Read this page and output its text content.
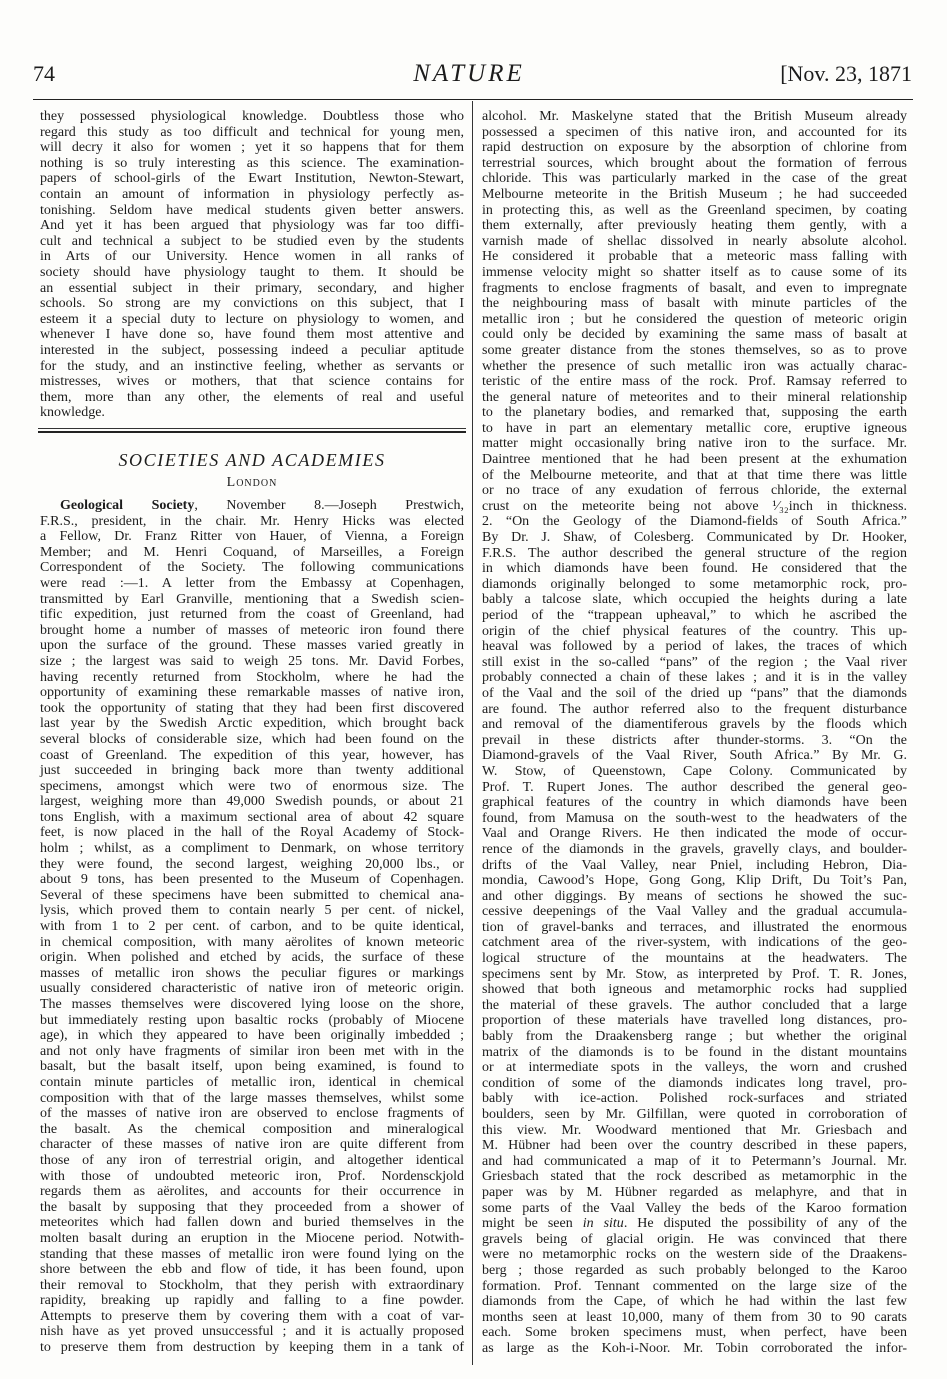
74	NATURE	[Nov. 23, 1871
they possessed physiological knowledge. Doubtless those who
regard this study as too difficult and technical for young men,
will decry it also for women ; yet it so happens that for them
nothing is so truly interesting as this science. The examination-
papers of school-girls of the Ewart Institution, Newton-Stewart,
contain an amount of information in physiology perfectly as-
tonishing. Seldom have medical students given better answers.
And yet it has been argued that physiology was far too diffi-
cult and technical a subject to be studied even by the students
in Arts of our University. Hence women in all ranks of
society should have physiology taught to them. It should be
an essential subject in their primary, secondary, and higher
schools. So strong are my convictions on this subject, that I
esteem it a special duty to lecture on physiology to women, and
whenever I have done so, have found them most attentive and
interested in the subject, possessing indeed a peculiar aptitude
for the study, and an instinctive feeling, whether as servants or
mistresses, wives or mothers, that that science contains for
them, more than any other, the elements of real and useful
knowledge.
SOCIETIES AND ACADEMIES
London
Geological Society, November 8.—Joseph Prestwich,
F.R.S., president, in the chair. Mr. Henry Hicks was elected
a Fellow, Dr. Franz Ritter von Hauer, of Vienna, a Foreign
Member; and M. Henri Coquand, of Marseilles, a Foreign
Correspondent of the Society. The following communications
were read :—1. A letter from the Embassy at Copenhagen,
transmitted by Earl Granville, mentioning that a Swedish scien-
tific expedition, just returned from the coast of Greenland, had
brought home a number of masses of meteoric iron found there
upon the surface of the ground. These masses varied greatly in
size ; the largest was said to weigh 25 tons. Mr. David Forbes,
having recently returned from Stockholm, where he had the
opportunity of examining these remarkable masses of native iron,
took the opportunity of stating that they had been first discovered
last year by the Swedish Arctic expedition, which brought back
several blocks of considerable size, which had been found on the
coast of Greenland. The expedition of this year, however, has
just succeeded in bringing back more than twenty additional
specimens, amongst which were two of enormous size. The
largest, weighing more than 49,000 Swedish pounds, or about 21
tons English, with a maximum sectional area of about 42 square
feet, is now placed in the hall of the Royal Academy of Stock-
holm ; whilst, as a compliment to Denmark, on whose territory
they were found, the second largest, weighing 20,000 lbs., or
about 9 tons, has been presented to the Museum of Copenhagen.
Several of these specimens have been submitted to chemical ana-
lysis, which proved them to contain nearly 5 per cent. of nickel,
with from 1 to 2 per cent. of carbon, and to be quite identical,
in chemical composition, with many aërolites of known meteoric
origin. When polished and etched by acids, the surface of these
masses of metallic iron shows the peculiar figures or markings
usually considered characteristic of native iron of meteoric origin.
The masses themselves were discovered lying loose on the shore,
but immediately resting upon basaltic rocks (probably of Miocene
age), in which they appeared to have been originally imbedded ;
and not only have fragments of similar iron been met with in the
basalt, but the basalt itself, upon being examined, is found to
contain minute particles of metallic iron, identical in chemical
composition with that of the large masses themselves, whilst some
of the masses of native iron are observed to enclose fragments of
the basalt. As the chemical composition and mineralogical
character of these masses of native iron are quite different from
those of any iron of terrestrial origin, and altogether identical
with those of undoubted meteoric iron, Prof. Nordensckjold
regards them as aërolites, and accounts for their occurrence in
the basalt by supposing that they proceeded from a shower of
meteorites which had fallen down and buried themselves in the
molten basalt during an eruption in the Miocene period. Notwith-
standing that these masses of metallic iron were found lying on the
shore between the ebb and flow of tide, it has been found, upon
their removal to Stockholm, that they perish with extraordinary
rapidity, breaking up rapidly and falling to a fine powder.
Attempts to preserve them by covering them with a coat of var-
nish have as yet proved unsuccessful ; and it is actually proposed
to preserve them from destruction by keeping them in a tank of
alcohol. Mr. Maskelyne stated that the British Museum already
possessed a specimen of this native iron, and accounted for its
rapid destruction on exposure by the absorption of chlorine from
terrestrial sources, which brought about the formation of ferrous
chloride. This was particularly marked in the case of the great
Melbourne meteorite in the British Museum ; he had succeeded
in protecting this, as well as the Greenland specimen, by coating
them externally, after previously heating them gently, with a
varnish made of shellac dissolved in nearly absolute alcohol.
He considered it probable that a meteoric mass falling with
immense velocity might so shatter itself as to cause some of its
fragments to enclose fragments of basalt, and even to impregnate
the neighbouring mass of basalt with minute particles of the
metallic iron ; but he considered the question of meteoric origin
could only be decided by examining the same mass of basalt at
some greater distance from the stones themselves, so as to prove
whether the presence of such metallic iron was actually charac-
teristic of the entire mass of the rock. Prof. Ramsay referred to
the general nature of meteorites and to their mineral relationship
to the planetary bodies, and remarked that, supposing the earth
to have in part an elementary metallic core, eruptive igneous
matter might occasionally bring native iron to the surface. Mr.
Daintree mentioned that he had been present at the exhumation
of the Melbourne meteorite, and that at that time there was little
or no trace of any exudation of ferrous chloride, the external
crust on the meteorite being not above ¹⁄₃₂inch in thickness.
2. “On the Geology of the Diamond-fields of South Africa.”
By Dr. J. Shaw, of Colesberg. Communicated by Dr. Hooker,
F.R.S. The author described the general structure of the region
in which diamonds have been found. He considered that the
diamonds originally belonged to some metamorphic rock, pro-
bably a talcose slate, which occupied the heights during a late
period of the “trappean upheaval,” to which he ascribed the
origin of the chief physical features of the country. This up-
heaval was followed by a period of lakes, the traces of which
still exist in the so-called “pans” of the region ; the Vaal river
probably connected a chain of these lakes ; and it is in the valley
of the Vaal and the soil of the dried up “pans” that the diamonds
are found. The author referred also to the frequent disturbance
and removal of the diamentiferous gravels by the floods which
prevail in these districts after thunder-storms. 3. “On the
Diamond-gravels of the Vaal River, South Africa.” By Mr. G.
W. Stow, of Queenstown, Cape Colony. Communicated by
Prof. T. Rupert Jones. The author described the general geo-
graphical features of the country in which diamonds have been
found, from Mamusa on the south-west to the headwaters of the
Vaal and Orange Rivers. He then indicated the mode of occur-
rence of the diamonds in the gravels, gravelly clays, and boulder-
drifts of the Vaal Valley, near Pniel, including Hebron, Dia-
mondia, Cawood’s Hope, Gong Gong, Klip Drift, Du Toit’s Pan,
and other diggings. By means of sections he showed the suc-
cessive deepenings of the Vaal Valley and the gradual accumula-
tion of gravel-banks and terraces, and illustrated the enormous
catchment area of the river-system, with indications of the geo-
logical structure of the mountains at the headwaters. The
specimens sent by Mr. Stow, as interpreted by Prof. T. R. Jones,
showed that both igneous and metamorphic rocks had supplied
the material of these gravels. The author concluded that a large
proportion of these materials have travelled long distances, pro-
bably from the Draakensberg range ; but whether the original
matrix of the diamonds is to be found in the distant mountains
or at intermediate spots in the valleys, the worn and crushed
condition of some of the diamonds indicates long travel, pro-
bably with ice-action. Polished rock-surfaces and striated
boulders, seen by Mr. Gilfillan, were quoted in corroboration of
this view. Mr. Woodward mentioned that Mr. Griesbach and
M. Hübner had been over the country described in these papers,
and had communicated a map of it to Petermann’s Journal. Mr.
Griesbach stated that the rock described as metamorphic in the
paper was by M. Hübner regarded as melaphyre, and that in
some parts of the Vaal Valley the beds of the Karoo formation
might be seen in situ. He disputed the possibility of any of the
gravels being of glacial origin. He was convinced that there
were no metamorphic rocks on the western side of the Draakens-
berg ; those regarded as such probably belonged to the Karoo
formation. Prof. Tennant commented on the large size of the
diamonds from the Cape, of which he had within the last few
months seen at least 10,000, many of them from 30 to 90 carats
each. Some broken specimens must, when perfect, have been
as large as the Koh-i-Noor. Mr. Tobin corroborated the infor-
